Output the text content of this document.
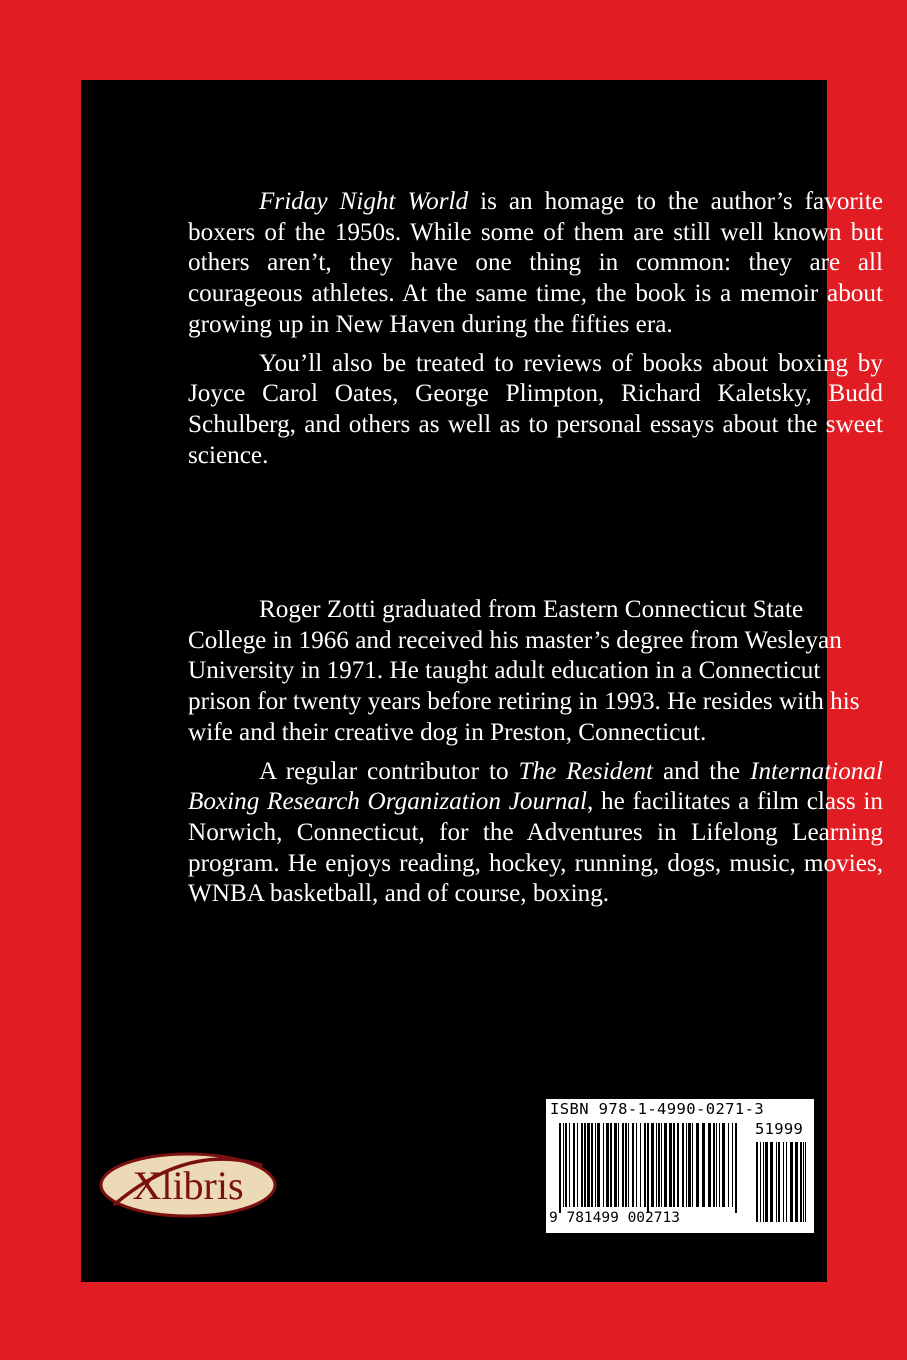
Friday Night World is an homage to the author’s favorite boxers of the 1950s. While some of them are still well known but others aren’t, they have one thing in common: they are all courageous athletes. At the same time, the book is a memoir about growing up in New Haven during the fifties era.

You’ll also be treated to reviews of books about boxing by Joyce Carol Oates, George Plimpton, Richard Kaletsky, Budd Schulberg, and others as well as to personal essays about the sweet science.

Roger Zotti graduated from Eastern Connecticut State College in 1966 and received his master’s degree from Wesleyan University in 1971. He taught adult education in a Connecticut prison for twenty years before retiring in 1993. He resides with his wife and their creative dog in Preston, Connecticut.

A regular contributor to The Resident and the International Boxing Research Organization Journal, he facilitates a film class in Norwich, Connecticut, for the Adventures in Lifelong Learning program. He enjoys reading, hockey, running, dogs, music, movies, WNBA basketball, and of course, boxing.

Xlibris
ISBN 978-1-4990-0271-3
51999
9 781499 002713
